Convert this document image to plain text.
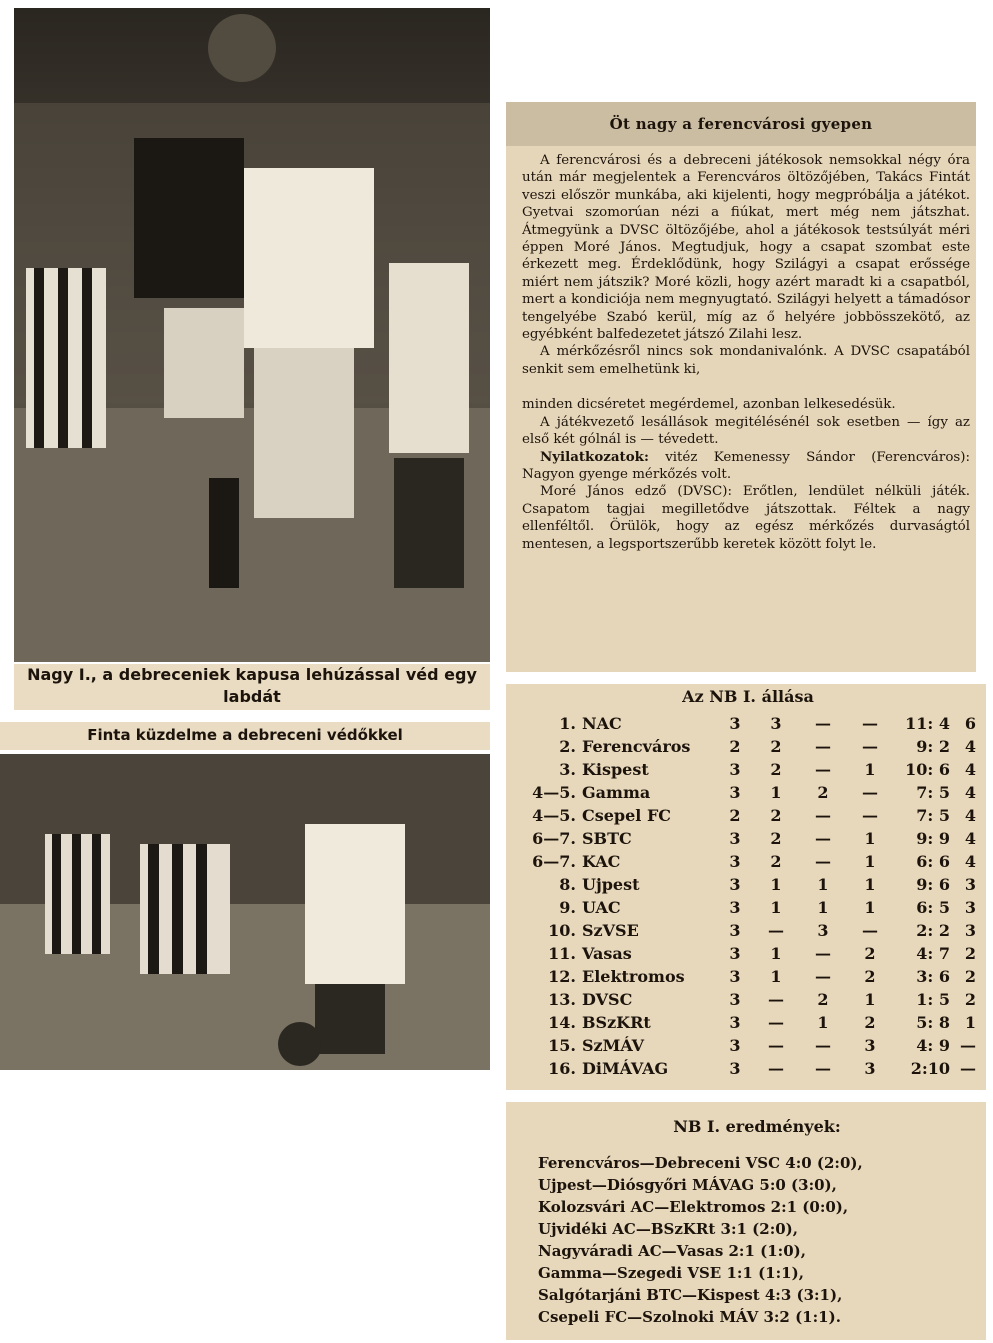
Nagy I., a debreceniek kapusa lehúzással véd egy labdát
Finta küzdelme a debreceni védőkkel
Öt nagy a ferencvárosi gyepen

A ferencvárosi és a debreceni játékosok nemsokkal négy óra után már megjelentek a Ferencváros öltözőjében, Takács Fintát veszi először munkába, aki kijelenti, hogy megpróbálja a játékot. Gyetvai szomorúan nézi a fiúkat, mert még nem játszhat. Átmegyünk a DVSC öltözőjébe, ahol a játékosok testsúlyát méri éppen Moré János. Megtudjuk, hogy a csapat szombat este érkezett meg. Érdeklődünk, hogy Szilágyi a csapat erőssége miért nem játszik? Moré közli, hogy azért maradt ki a csapatból, mert a kondiciója nem megnyugtató. Szilágyi helyett a támadósor tengelyébe Szabó kerül, míg az ő helyére jobbösszekötő, az egyébként balfedezetet játszó Zilahi lesz.

A mérkőzésről nincs sok mondanivalónk. A DVSC csapatából senkit sem emelhetünk ki,

minden dicséretet megérdemel, azonban lelkesedésük.

A játékvezető lesállások megitélésénél sok esetben — így az első két gólnál is — tévedett.

Nyilatkozatok: vitéz Kemenessy Sándor (Ferencváros): Nagyon gyenge mérkőzés volt.

Moré János edző (DVSC): Erőtlen, lendület nélküli játék. Csapatom tagjai megilletődve játszottak. Féltek a nagy ellenféltől. Örülök, hogy az egész mérkőzés durvaságtól mentesen, a legsportszerűbb keretek között folyt le.

Az NB I. állása
1.	NAC	3	3	—	—	11: 4	6
2.	Ferencváros	2	2	—	—	9: 2	4
3.	Kispest	3	2	—	1	10: 6	4
4—5.	Gamma	3	1	2	—	7: 5	4
4—5.	Csepel FC	2	2	—	—	7: 5	4
6—7.	SBTC	3	2	—	1	9: 9	4
6—7.	KAC	3	2	—	1	6: 6	4
8.	Ujpest	3	1	1	1	9: 6	3
9.	UAC	3	1	1	1	6: 5	3
10.	SzVSE	3	—	3	—	2: 2	3
11.	Vasas	3	1	—	2	4: 7	2
12.	Elektromos	3	1	—	2	3: 6	2
13.	DVSC	3	—	2	1	1: 5	2
14.	BSzKRt	3	—	1	2	5: 8	1
15.	SzMÁV	3	—	—	3	4: 9	—
16.	DiMÁVAG	3	—	—	3	2:10	—
NB I. eredmények:
Ferencváros—Debreceni VSC 4:0 (2:0),
Ujpest—Diósgyőri MÁVAG 5:0 (3:0),
Kolozsvári AC—Elektromos 2:1 (0:0),
Ujvidéki AC—BSzKRt 3:1 (2:0),
Nagyváradi AC—Vasas 2:1 (1:0),
Gamma—Szegedi VSE 1:1 (1:1),
Salgótarjáni BTC—Kispest 4:3 (3:1),
Csepeli FC—Szolnoki MÁV 3:2 (1:1).
